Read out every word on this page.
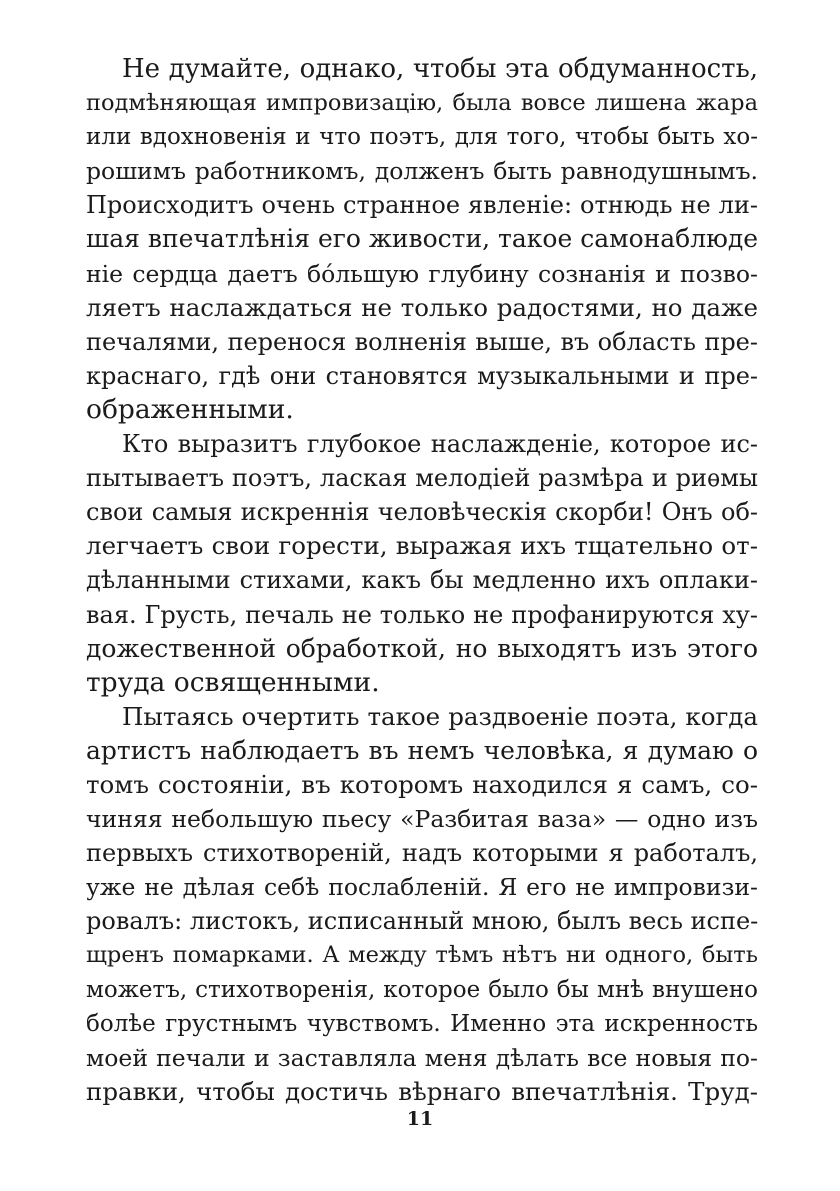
Не думайте, однако, чтобы эта обдуманность,
подмѣняющая импровизацію, была вовсе лишена жара
или вдохновенія и что поэтъ, для того, чтобы быть хо-
рошимъ работникомъ, долженъ быть равнодушнымъ.
Происходитъ очень странное явленіе: отнюдь не ли-
шая впечатлѣнія его живости, такое самонаблюде
ніе сердца даетъ бо́льшую глубину сознанія и позво-
ляетъ наслаждаться не только радостями, но даже
печалями, перенося волненія выше, въ область пре-
краснаго, гдѣ они становятся музыкальными и пре-
ображенными.
Кто выразитъ глубокое наслажденіе, которое ис-
пытываетъ поэтъ, лаская мелодіей размѣра и риѳмы
свои самыя искреннія человѣческія скорби! Онъ об-
легчаетъ свои горести, выражая ихъ тщательно от-
дѣланными стихами, какъ бы медленно ихъ оплаки-
вая. Грусть, печаль не только не профанируются ху-
дожественной обработкой, но выходятъ изъ этого
труда освященными.
Пытаясь очертить такое раздвоеніе поэта, когда
артистъ наблюдаетъ въ немъ человѣка, я думаю о
томъ состояніи, въ которомъ находился я самъ, со-
чиняя небольшую пьесу «Разбитая ваза» — одно изъ
первыхъ стихотвореній, надъ которыми я работалъ,
уже не дѣлая себѣ послабленій. Я его не импровизи-
ровалъ: листокъ, исписанный мною, былъ весь испе-
щренъ помарками. А между тѣмъ нѣтъ ни одного, быть
можетъ, стихотворенія, которое было бы мнѣ внушено
болѣе грустнымъ чувствомъ. Именно эта искренность
моей печали и заставляла меня дѣлать все новыя по-
правки, чтобы достичь вѣрнаго впечатлѣнія. Труд-
11
